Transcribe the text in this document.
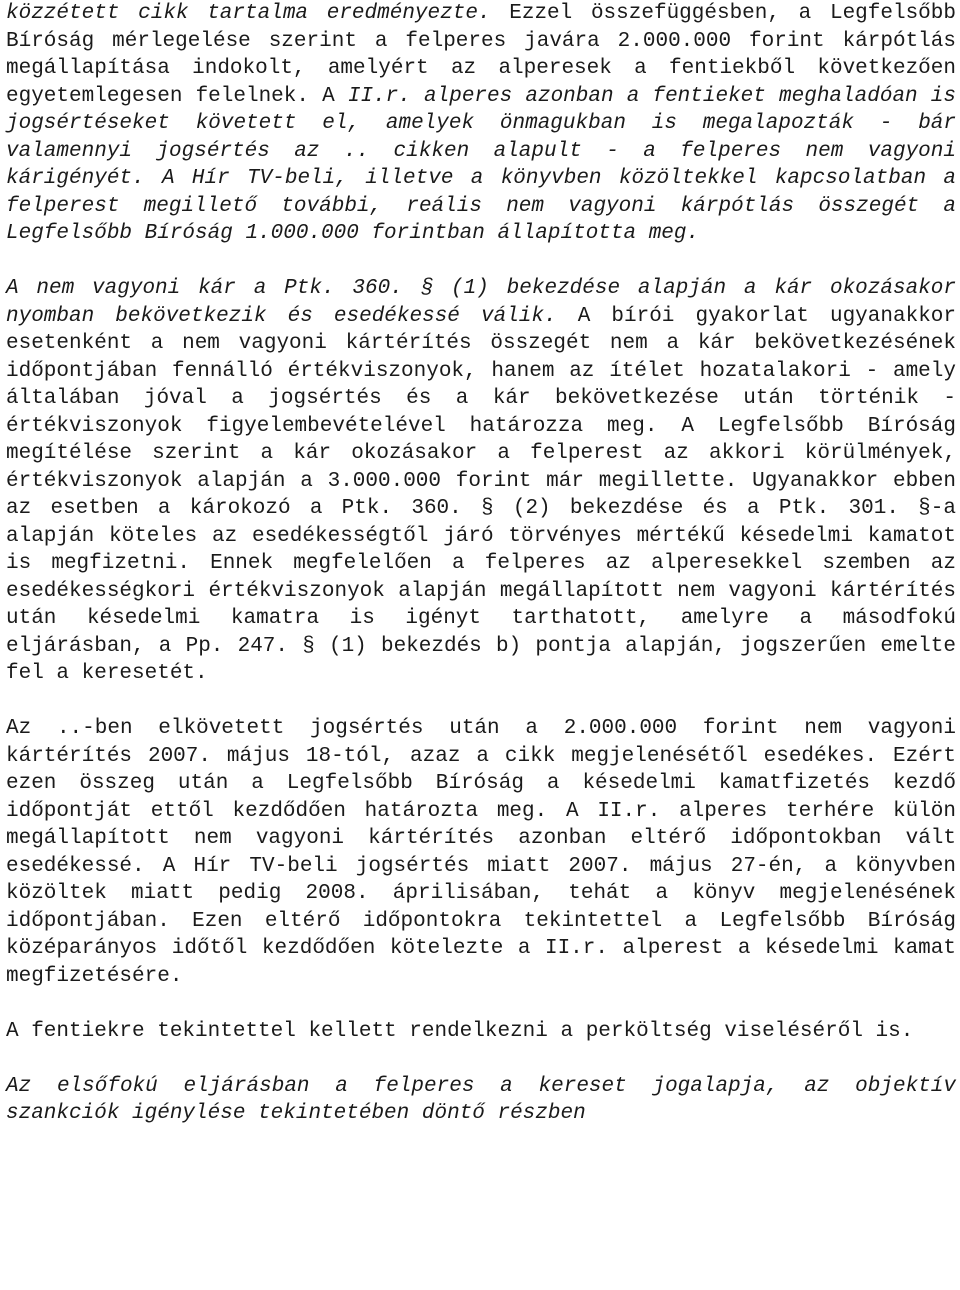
közzétett cikk tartalma eredményezte. Ezzel összefüggésben, a Legfelsőbb Bíróság mérlegelése szerint a felperes javára 2.000.000 forint kárpótlás megállapítása indokolt, amelyért az alperesek a fentiekből következően egyetemlegesen felelnek. A II.r. alperes azonban a fentieket meghaladóan is jogsértéseket követett el, amelyek önmagukban is megalapozták - bár valamennyi jogsértés az .. cikken alapult - a felperes nem vagyoni kárigényét. A Hír TV-beli, illetve a könyvben közöltekkel kapcsolatban a felperest megillető további, reális nem vagyoni kárpótlás összegét a Legfelsőbb Bíróság 1.000.000 forintban állapította meg.

A nem vagyoni kár a Ptk. 360. § (1) bekezdése alapján a kár okozásakor nyomban bekövetkezik és esedékessé válik. A bírói gyakorlat ugyanakkor esetenként a nem vagyoni kártérítés összegét nem a kár bekövetkezésének időpontjában fennálló értékviszonyok, hanem az ítélet hozatalakori - amely általában jóval a jogsértés és a kár bekövetkezése után történik - értékviszonyok figyelembevételével határozza meg. A Legfelsőbb Bíróság megítélése szerint a kár okozásakor a felperest az akkori körülmények, értékviszonyok alapján a 3.000.000 forint már megillette. Ugyanakkor ebben az esetben a károkozó a Ptk. 360. § (2) bekezdése és a Ptk. 301. §-a alapján köteles az esedékességtől járó törvényes mértékű késedelmi kamatot is megfizetni. Ennek megfelelően a felperes az alperesekkel szemben az esedékességkori értékviszonyok alapján megállapított nem vagyoni kártérítés után késedelmi kamatra is igényt tarthatott, amelyre a másodfokú eljárásban, a Pp. 247. § (1) bekezdés b) pontja alapján, jogszerűen emelte fel a keresetét.

Az ..-ben elkövetett jogsértés után a 2.000.000 forint nem vagyoni kártérítés 2007. május 18-tól, azaz a cikk megjelenésétől esedékes. Ezért ezen összeg után a Legfelsőbb Bíróság a késedelmi kamatfizetés kezdő időpontját ettől kezdődően határozta meg. A II.r. alperes terhére külön megállapított nem vagyoni kártérítés azonban eltérő időpontokban vált esedékessé. A Hír TV-beli jogsértés miatt 2007. május 27-én, a könyvben közöltek miatt pedig 2008. áprilisában, tehát a könyv megjelenésének időpontjában. Ezen eltérő időpontokra tekintettel a Legfelsőbb Bíróság középarányos időtől kezdődően kötelezte a II.r. alperest a késedelmi kamat megfizetésére.

A fentiekre tekintettel kellett rendelkezni a perköltség viseléséről is.

Az elsőfokú eljárásban a felperes a kereset jogalapja, az objektív szankciók igénylése tekintetében döntő részben
